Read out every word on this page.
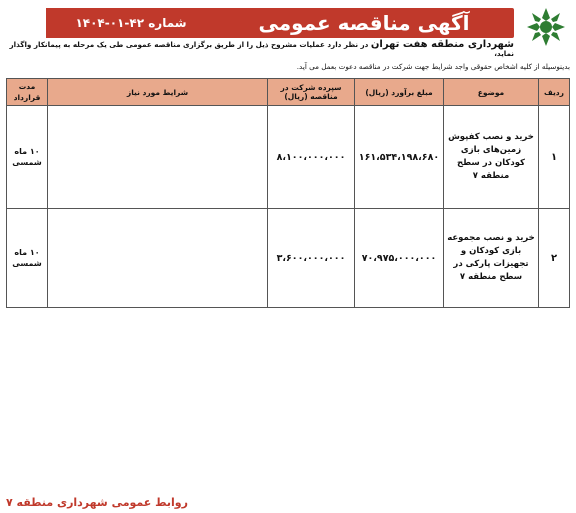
آگهی مناقصه عمومی
شماره ۴۲-۰۱-۱۴۰۴
شهرداری منطقه هفت تهران در نظر دارد عملیات مشروح ذیل را از طریق برگزاری مناقصه عمومی طی یک مرحله به پیمانکار واگذار نماید،
بدینوسیله از کلیه اشخاص حقوقی واجد شرایط جهت شرکت در مناقصه دعوت بعمل می آید.
ردیف	موضوع	مبلغ برآورد (ریال)	سپرده شرکت در مناقصه (ریال)	شرایط مورد نیاز	مدت قرارداد
۱	خرید و نصب کفپوش زمین‌های بازی کودکان در سطح منطقه ۷	۱۶۱،۵۳۴،۱۹۸،۶۸۰	۸،۱۰۰،۰۰۰،۰۰۰		۱۰ ماه شمسی
۲	خرید و نصب مجموعه بازی کودکان و تجهیزات پارکی در سطح منطقه ۷	۷۰،۹۷۵،۰۰۰،۰۰۰	۳،۶۰۰،۰۰۰،۰۰۰		۱۰ ماه شمسی

روابط عمومی شهرداری منطقه ۷
